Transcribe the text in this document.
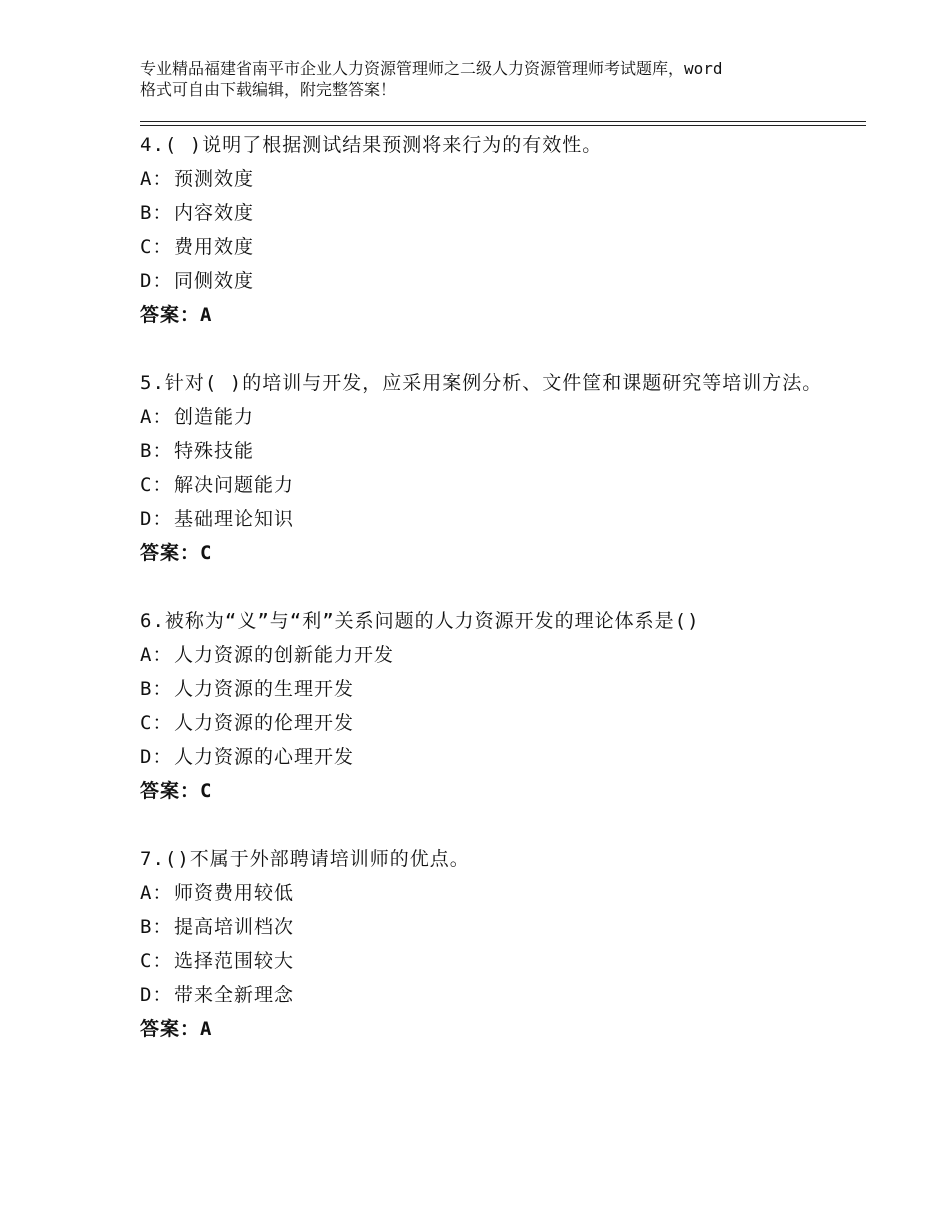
专业精品福建省南平市企业人力资源管理师之二级人力资源管理师考试题库，word
格式可自由下载编辑，附完整答案！
4.( )说明了根据测试结果预测将来行为的有效性。
A：预测效度
B：内容效度
C：费用效度
D：同侧效度
答案：A
5.针对( )的培训与开发，应采用案例分析、文件筐和课题研究等培训方法。
A：创造能力
B：特殊技能
C：解决问题能力
D：基础理论知识
答案：C
6.被称为“义”与“利”关系问题的人力资源开发的理论体系是()
A：人力资源的创新能力开发
B：人力资源的生理开发
C：人力资源的伦理开发
D：人力资源的心理开发
答案：C
7.()不属于外部聘请培训师的优点。
A：师资费用较低
B：提高培训档次
C：选择范围较大
D：带来全新理念
答案：A
